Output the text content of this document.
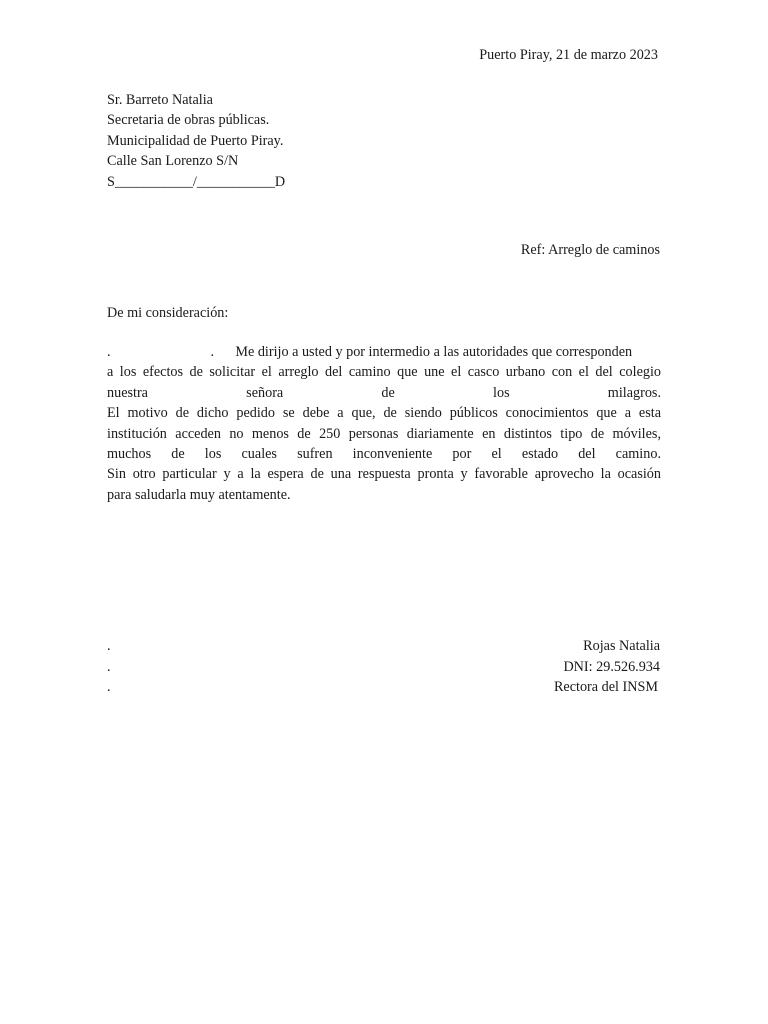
Puerto Piray, 21 de marzo 2023
Sr. Barreto Natalia
Secretaria de obras públicas.
Municipalidad de Puerto Piray.
Calle San Lorenzo S/N
S___________/___________D
Ref: Arreglo de caminos
De mi consideración:
.	. Me dirijo a usted y por intermedio a las autoridades que corresponden
a los efectos de solicitar el arreglo del camino que une el casco urbano con el del colegio
nuestra señora de los milagros.
El motivo de dicho pedido se debe a que, de siendo públicos conocimientos que a esta
institución acceden no menos de 250 personas diariamente en distintos tipo de móviles,
muchos de los cuales sufren inconveniente por el estado del camino.
Sin otro particular y a la espera de una respuesta pronta y favorable aprovecho la ocasión
para saludarla muy atentamente.
.	Rojas Natalia
.	DNI: 29.526.934
.	Rectora del INSM
